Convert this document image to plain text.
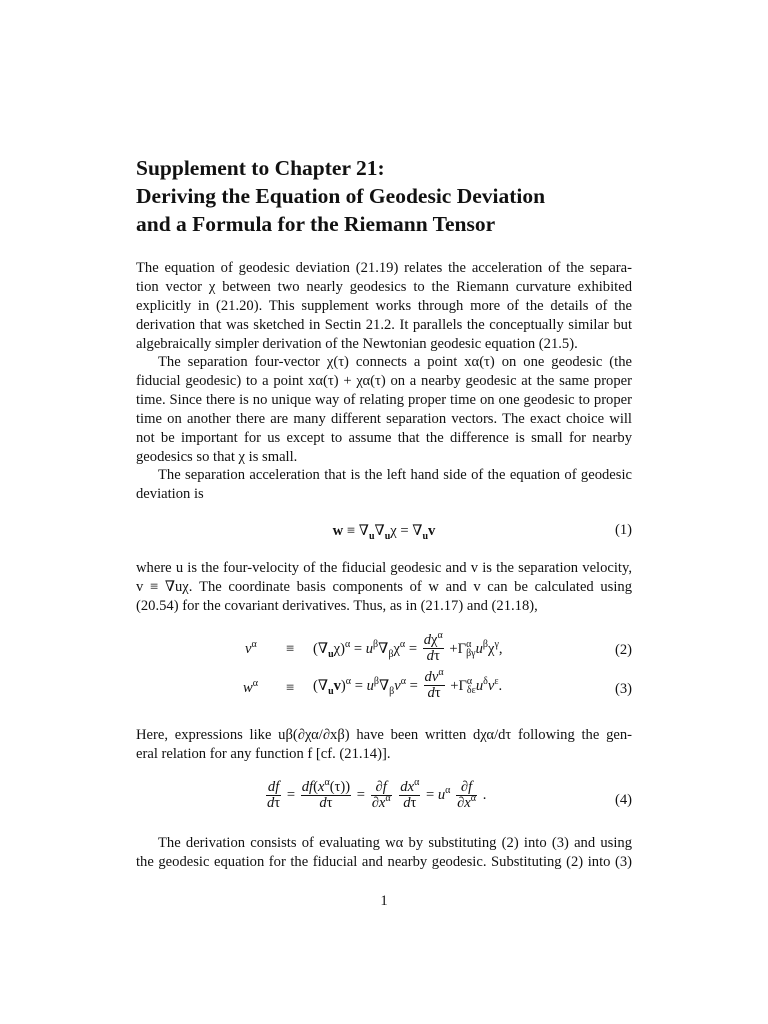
Supplement to Chapter 21:
Deriving the Equation of Geodesic Deviation
and a Formula for the Riemann Tensor
The equation of geodesic deviation (21.19) relates the acceleration of the separa-
tion vector χ between two nearly geodesics to the Riemann curvature exhibited
explicitly in (21.20). This supplement works through more of the details of the
derivation that was sketched in Sectin 21.2. It parallels the conceptually similar but
algebraically simpler derivation of the Newtonian geodesic equation (21.5).
The separation four-vector χ(τ) connects a point xα(τ) on one geodesic (the
fiducial geodesic) to a point xα(τ) + χα(τ) on a nearby geodesic at the same proper
time. Since there is no unique way of relating proper time on one geodesic to proper
time on another there are many different separation vectors. The exact choice will
not be important for us except to assume that the difference is small for nearby
geodesics so that χ is small.
The separation acceleration that is the left hand side of the equation of geodesic
deviation is
$w \equiv \nabla_u\nabla_u\chi = \nabla_uv$	(1)
where u is the four-velocity of the fiducial geodesic and v is the separation velocity,
v ≡ ∇uχ. The coordinate basis components of w and v can be calculated using
(20.54) for the covariant derivatives. Thus, as in (21.17) and (21.18),
$v^\alpha \equiv (\nabla_u\chi)^\alpha = u^\beta\nabla_\beta\chi^\alpha = \frac{d\chi^\alpha}{d\tau} +\Gamma$ α
βγ $u^\beta\chi^\gamma$,	(2)
$w^\alpha \equiv (\nabla_uv)^\alpha = u^\beta\nabla_\beta v^\alpha = \frac{dv^\alpha}{d\tau} +\Gamma$ α
δε $u^\delta v^\varepsilon$.	(3)
Here, expressions like uβ(∂χα/∂xβ) have been written dχα/dτ following the gen-
eral relation for any function f [cf. (21.14)].
$\frac{df}{d\tau} = \frac{df(x^\alpha(\tau))}{d\tau} = \frac{\partial f}{\partial x^\alpha}$
$\frac{dx^\alpha}{d\tau} = u^\alpha \frac{\partial f}{\partial x^\alpha}$ .	(4)
The derivation consists of evaluating wα by substituting (2) into (3) and using
the geodesic equation for the fiducial and nearby geodesic. Substituting (2) into (3)
1
